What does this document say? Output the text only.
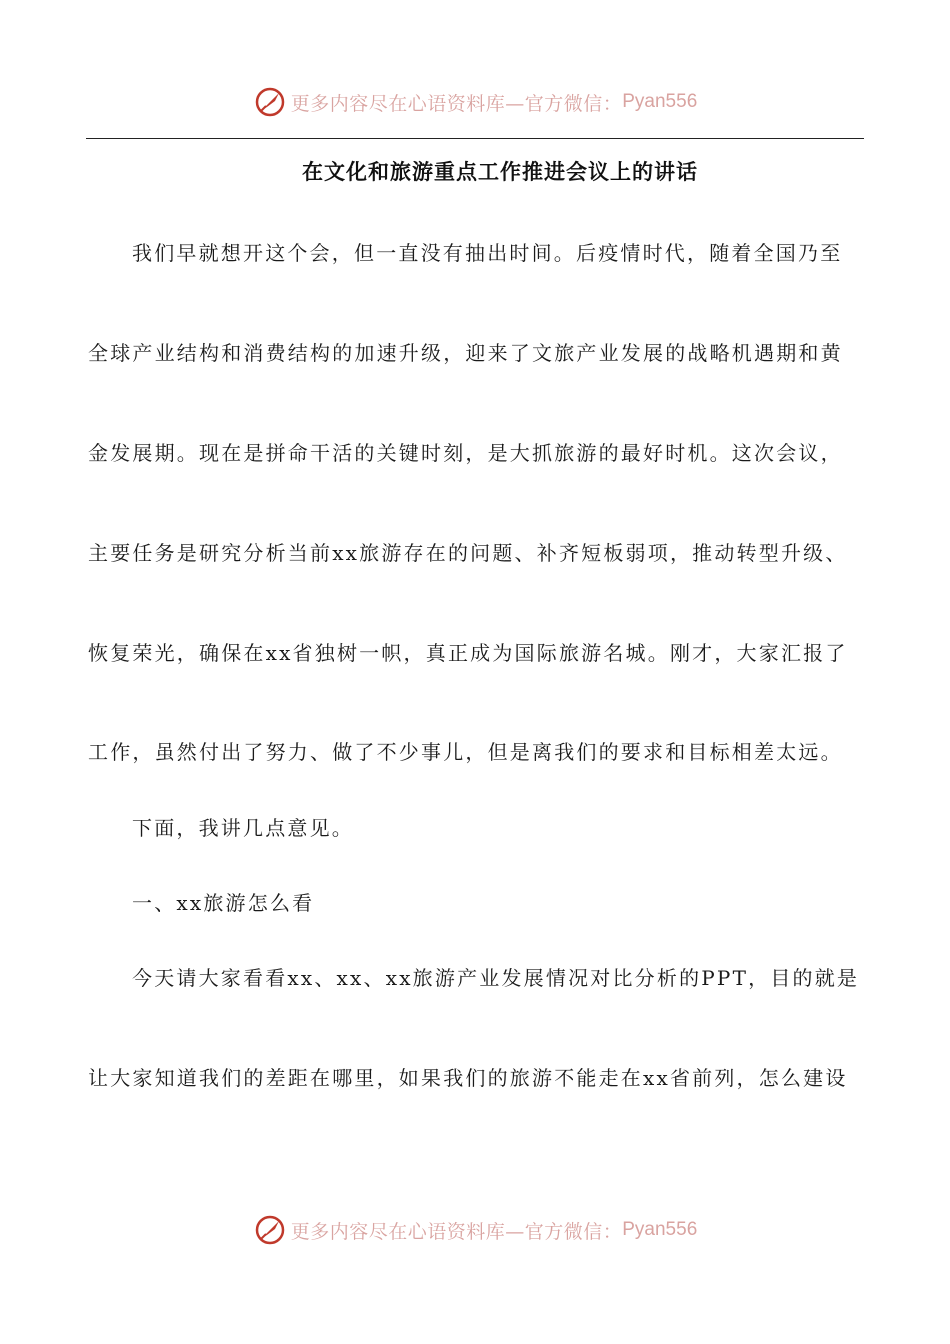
更多内容尽在心语资料库—官方微信： Pyan556
在文化和旅游重点工作推进会议上的讲话
我们早就想开这个会，但一直没有抽出时间。后疫情时代，随着全国乃至
全球产业结构和消费结构的加速升级，迎来了文旅产业发展的战略机遇期和黄
金发展期。现在是拼命干活的关键时刻，是大抓旅游的最好时机。这次会议，
主要任务是研究分析当前xx旅游存在的问题、补齐短板弱项，推动转型升级、
恢复荣光，确保在xx省独树一帜，真正成为国际旅游名城。刚才，大家汇报了
工作，虽然付出了努力、做了不少事儿，但是离我们的要求和目标相差太远。
下面，我讲几点意见。
一、xx旅游怎么看
今天请大家看看xx、xx、xx旅游产业发展情况对比分析的PPT，目的就是
让大家知道我们的差距在哪里，如果我们的旅游不能走在xx省前列，怎么建设
更多内容尽在心语资料库—官方微信： Pyan556
